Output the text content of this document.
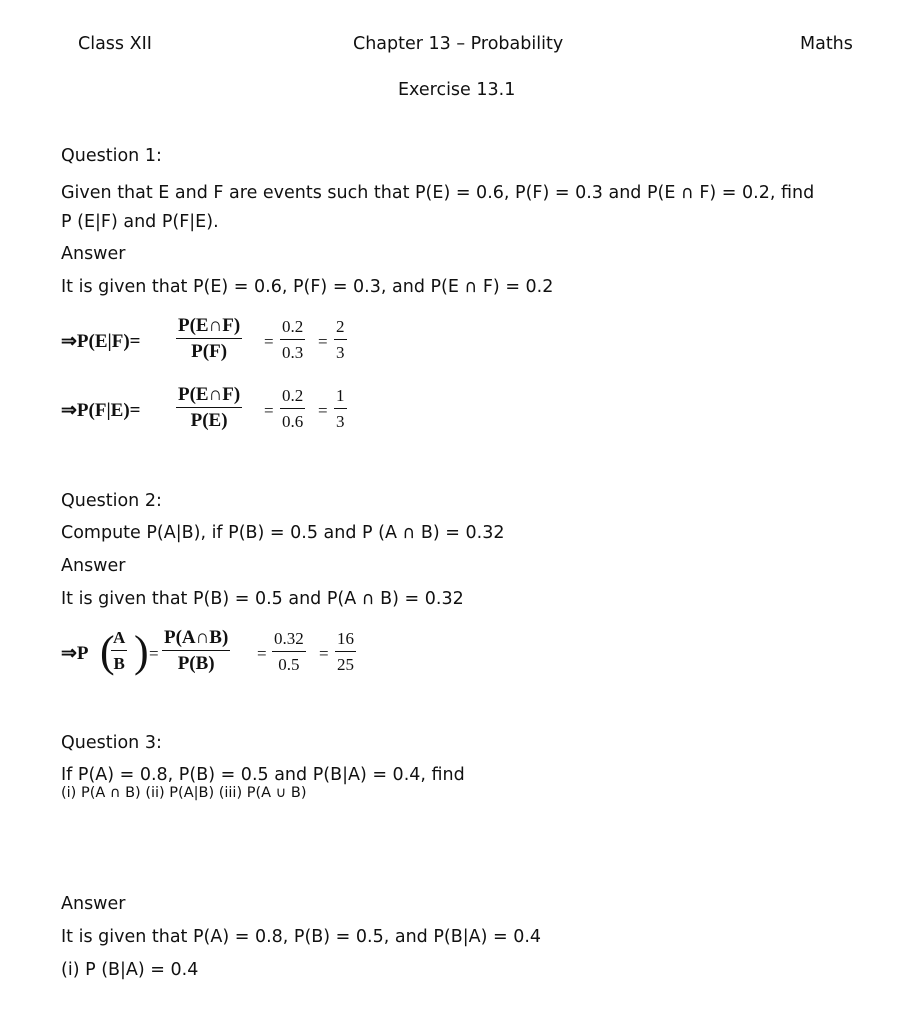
Class XII	Chapter 13 – Probability	Maths
Exercise 13.1
Question 1:
Given that E and F are events such that P(E) = 0.6, P(F) = 0.3 and P(E ∩ F) = 0.2, find
P (E|F) and P(F|E).
Answer
It is given that P(E) = 0.6, P(F) = 0.3, and P(E ∩ F) = 0.2
⇒P(E|F)= $\frac{P(E\cap F)}{P(F)} = \frac{0.2}{0.3} = \frac{2}{3}$
⇒P(F|E)= $\frac{P(E\cap F)}{P(E)} = \frac{0.2}{0.6} = \frac{1}{3}$
Question 2:
Compute P(A|B), if P(B) = 0.5 and P (A ∩ B) = 0.32
Answer
It is given that P(B) = 0.5 and P(A ∩ B) = 0.32
⇒P (
$\frac{A}{B}$ ) = $\frac{P(A\cap B)}{P(B)} = \frac{0.32}{0.5} = \frac{16}{25}$
Question 3:
If P(A) = 0.8, P(B) = 0.5 and P(B|A) = 0.4, find
(i) P(A ∩ B) (ii) P(A|B) (iii) P(A ∪ B)
Answer
It is given that P(A) = 0.8, P(B) = 0.5, and P(B|A) = 0.4
(i) P (B|A) = 0.4
